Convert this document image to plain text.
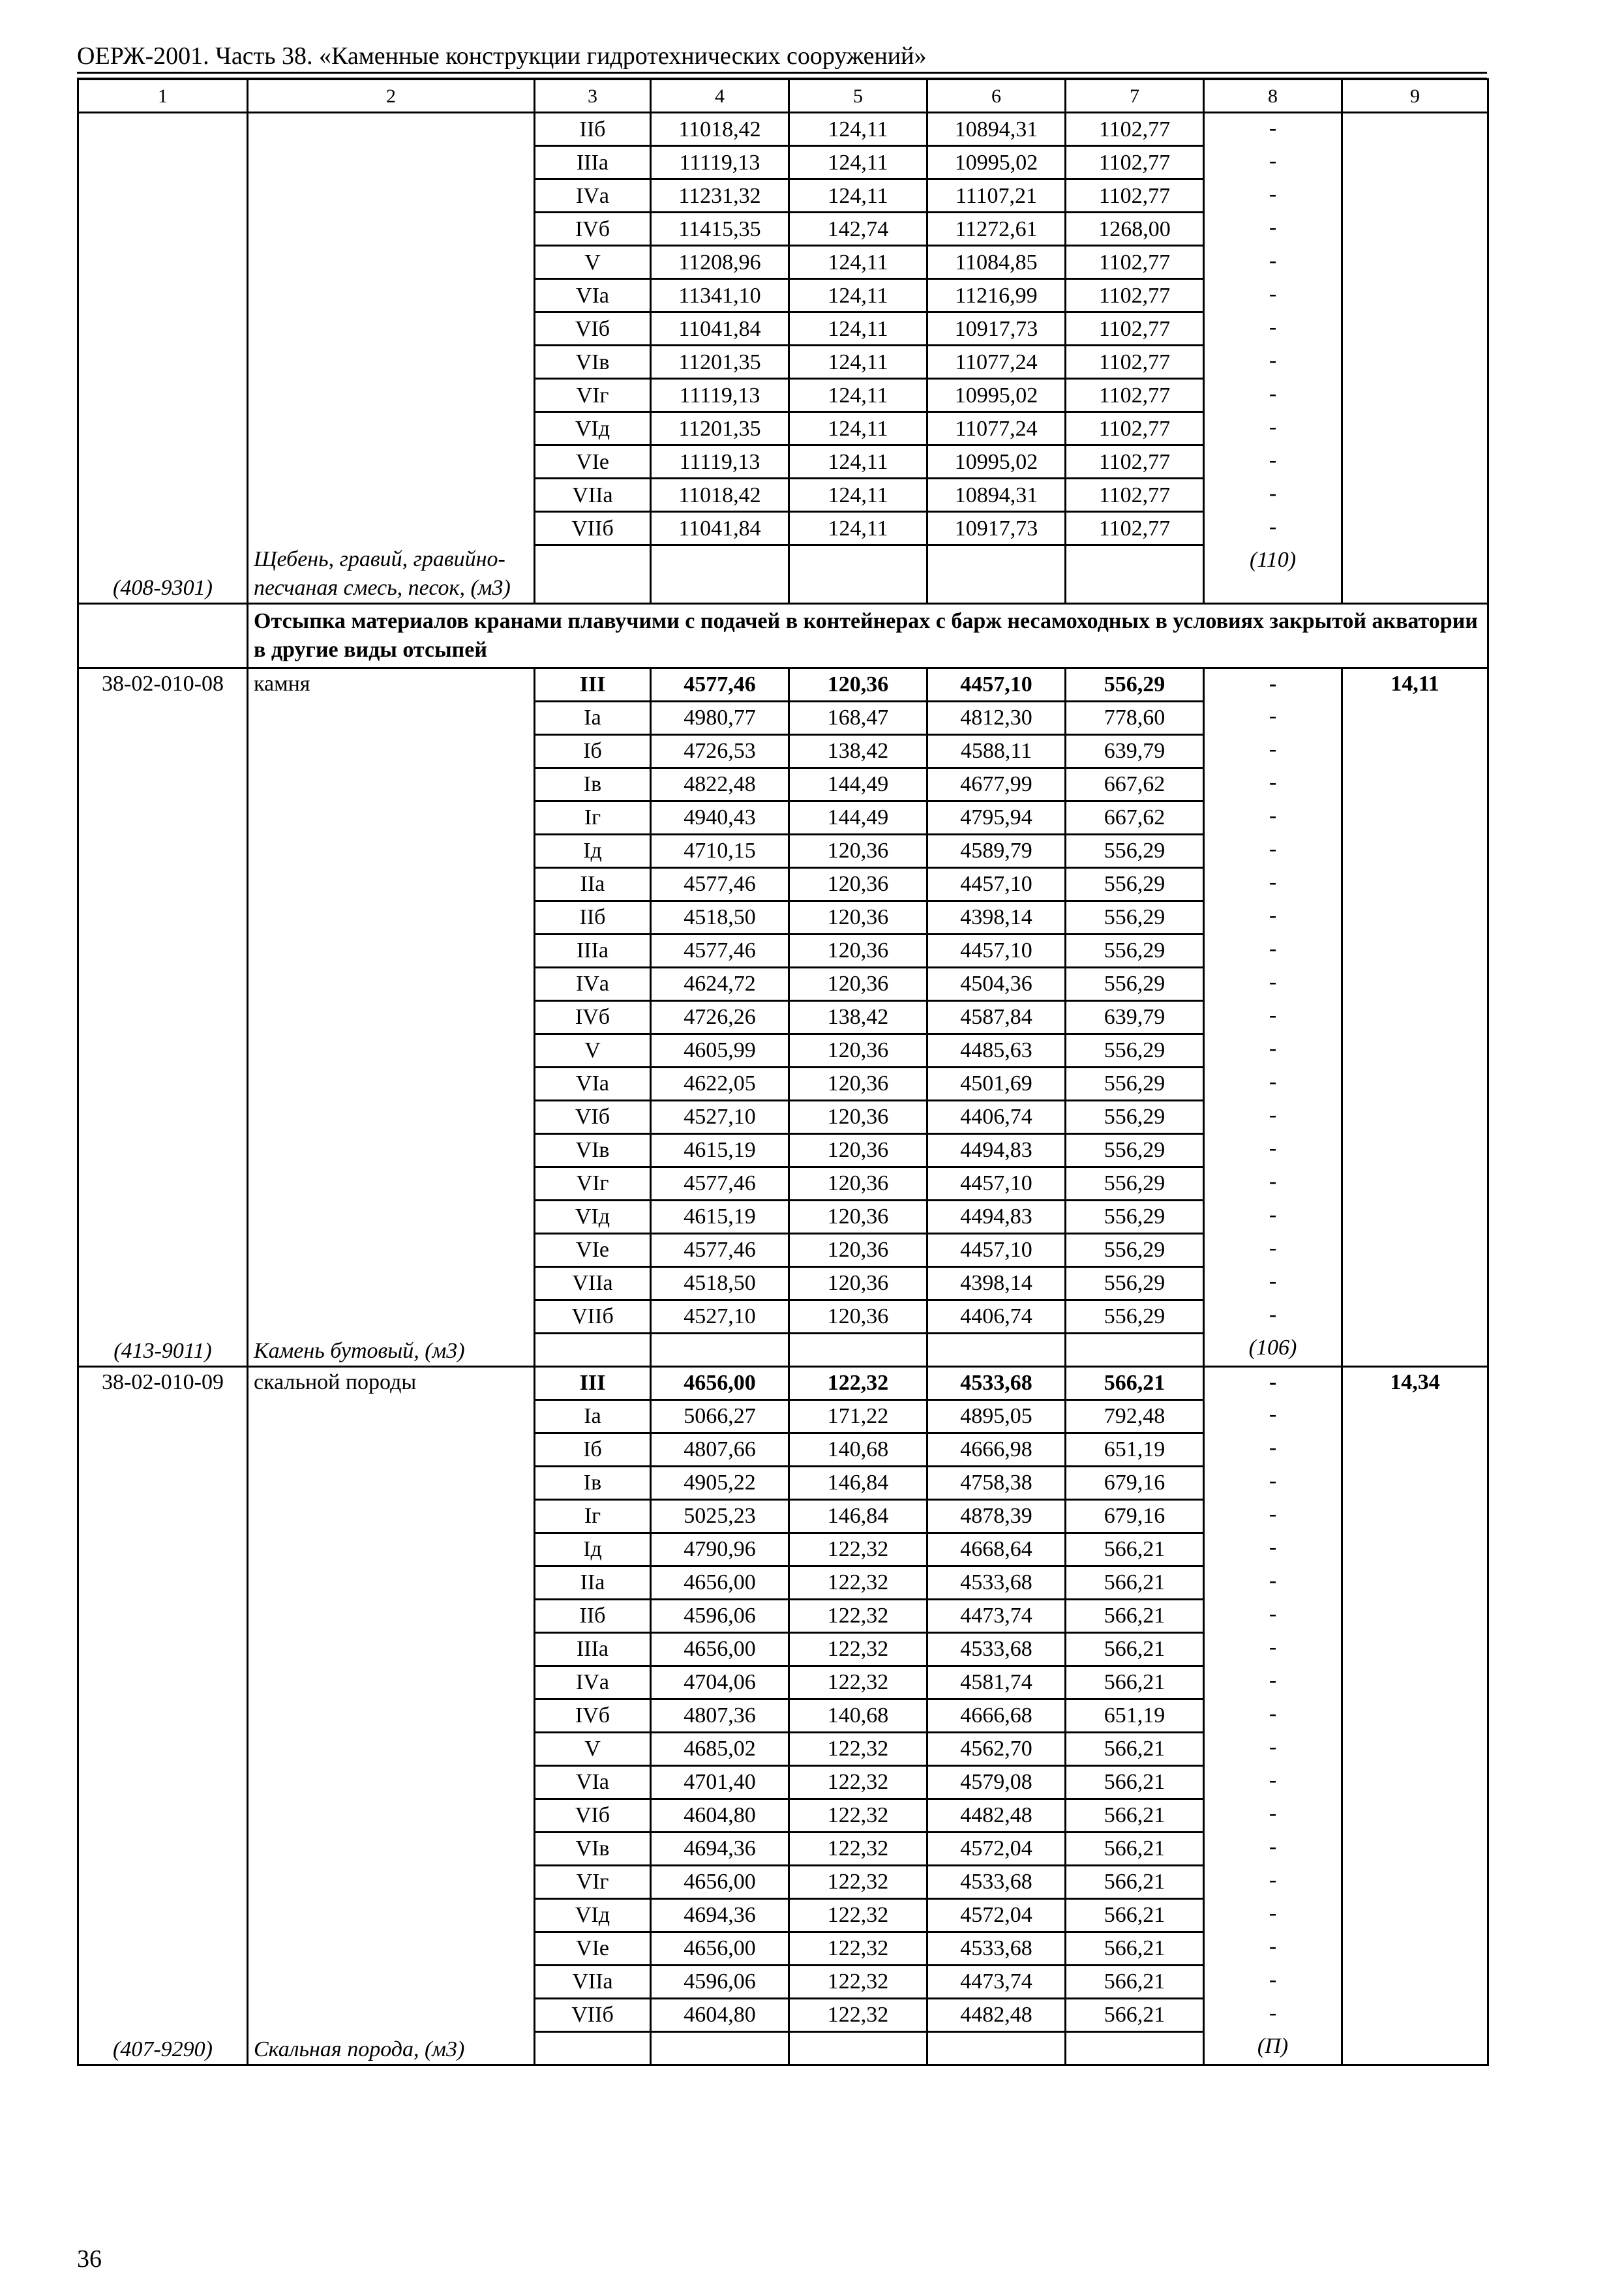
ОЕРЖ-2001. Часть 38. «Каменные конструкции гидротехнических сооружений»
1	2	3	4	5	6	7	8	9
		IIб	11018,42	124,11	10894,31	1102,77	-	
		IIIа	11119,13	124,11	10995,02	1102,77	-	
		IVа	11231,32	124,11	11107,21	1102,77	-	
		IVб	11415,35	142,74	11272,61	1268,00	-	
		V	11208,96	124,11	11084,85	1102,77	-	
		VIа	11341,10	124,11	11216,99	1102,77	-	
		VIб	11041,84	124,11	10917,73	1102,77	-	
		VIв	11201,35	124,11	11077,24	1102,77	-	
		VIг	11119,13	124,11	10995,02	1102,77	-	
		VIд	11201,35	124,11	11077,24	1102,77	-	
		VIе	11119,13	124,11	10995,02	1102,77	-	
		VIIа	11018,42	124,11	10894,31	1102,77	-	
		VIIб	11041,84	124,11	10917,73	1102,77	-	
(408-9301)	Щебень, гравий, гравийно-песчаная смесь, песок, (м3)						(110)	
	Отсыпка материалов кранами плавучими с подачей в контейнерах с барж несамоходных в условиях закрытой акватории в другие виды отсыпей							
38-02-010-08	камня	III	4577,46	120,36	4457,10	556,29	-	14,11
		Iа	4980,77	168,47	4812,30	778,60	-	
		Iб	4726,53	138,42	4588,11	639,79	-	
		Iв	4822,48	144,49	4677,99	667,62	-	
		Iг	4940,43	144,49	4795,94	667,62	-	
		Iд	4710,15	120,36	4589,79	556,29	-	
		IIа	4577,46	120,36	4457,10	556,29	-	
		IIб	4518,50	120,36	4398,14	556,29	-	
		IIIа	4577,46	120,36	4457,10	556,29	-	
		IVа	4624,72	120,36	4504,36	556,29	-	
		IVб	4726,26	138,42	4587,84	639,79	-	
		V	4605,99	120,36	4485,63	556,29	-	
		VIа	4622,05	120,36	4501,69	556,29	-	
		VIб	4527,10	120,36	4406,74	556,29	-	
		VIв	4615,19	120,36	4494,83	556,29	-	
		VIг	4577,46	120,36	4457,10	556,29	-	
		VIд	4615,19	120,36	4494,83	556,29	-	
		VIе	4577,46	120,36	4457,10	556,29	-	
		VIIа	4518,50	120,36	4398,14	556,29	-	
		VIIб	4527,10	120,36	4406,74	556,29	-	
(413-9011)	Камень бутовый, (м3)						(106)	
38-02-010-09	скальной породы	III	4656,00	122,32	4533,68	566,21	-	14,34
		Iа	5066,27	171,22	4895,05	792,48	-	
		Iб	4807,66	140,68	4666,98	651,19	-	
		Iв	4905,22	146,84	4758,38	679,16	-	
		Iг	5025,23	146,84	4878,39	679,16	-	
		Iд	4790,96	122,32	4668,64	566,21	-	
		IIа	4656,00	122,32	4533,68	566,21	-	
		IIб	4596,06	122,32	4473,74	566,21	-	
		IIIа	4656,00	122,32	4533,68	566,21	-	
		IVа	4704,06	122,32	4581,74	566,21	-	
		IVб	4807,36	140,68	4666,68	651,19	-	
		V	4685,02	122,32	4562,70	566,21	-	
		VIа	4701,40	122,32	4579,08	566,21	-	
		VIб	4604,80	122,32	4482,48	566,21	-	
		VIв	4694,36	122,32	4572,04	566,21	-	
		VIг	4656,00	122,32	4533,68	566,21	-	
		VIд	4694,36	122,32	4572,04	566,21	-	
		VIе	4656,00	122,32	4533,68	566,21	-	
		VIIа	4596,06	122,32	4473,74	566,21	-	
		VIIб	4604,80	122,32	4482,48	566,21	-	
(407-9290)	Скальная порода, (м3)						(П)	
36
